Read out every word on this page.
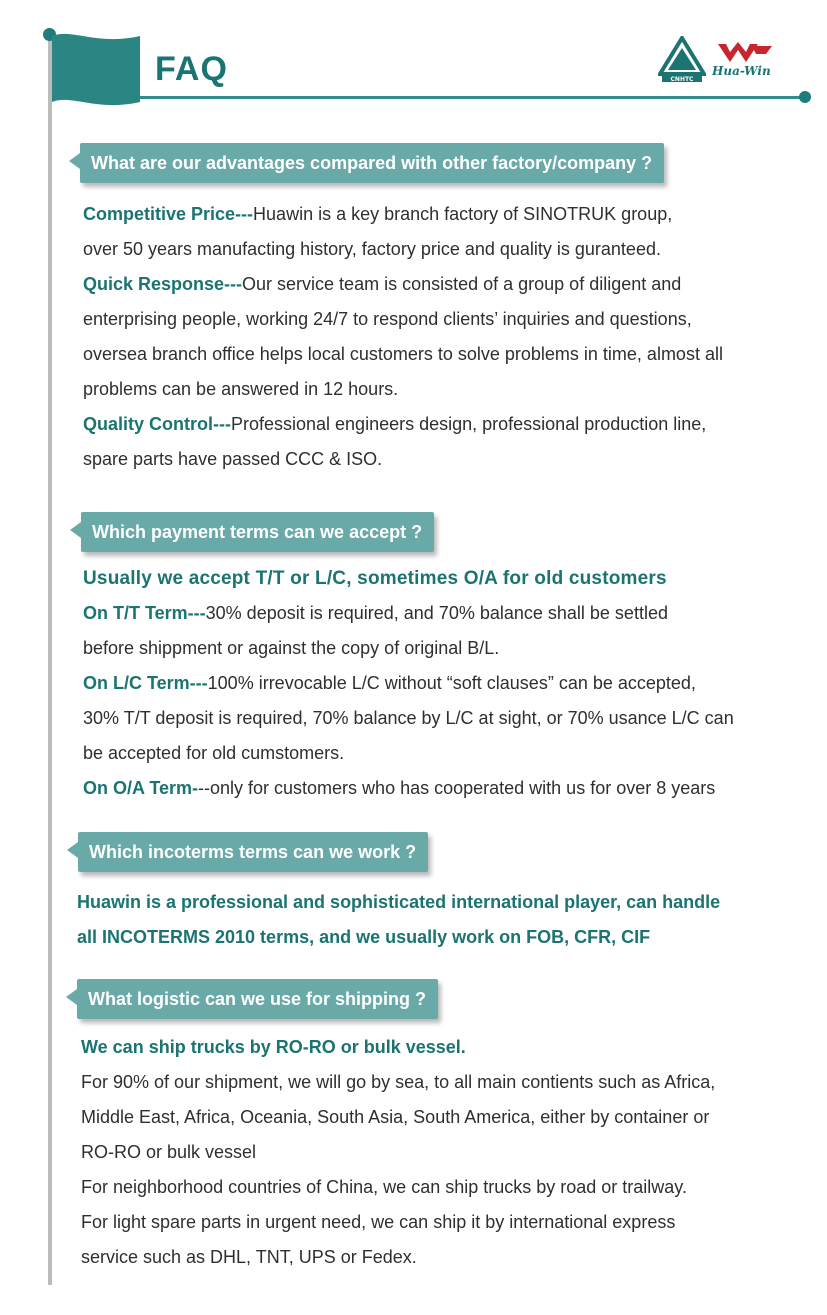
FAQ	CNHTC
Hua-Win
What are our advantages compared with other factory/company ?
Competitive Price---Huawin is a key branch factory of SINOTRUK group,
over 50 years manufacting history, factory price and quality is guranteed.
Quick Response---Our service team is consisted of a group of diligent and
enterprising people, working 24/7 to respond clients’ inquiries and questions,
oversea branch office helps local customers to solve problems in time, almost all
problems can be answered in 12 hours.
Quality Control---Professional engineers design, professional production line,
spare parts have passed CCC & ISO.
Which payment terms can we accept ?
Usually we accept T/T or L/C, sometimes O/A for old customers
On T/T Term---30% deposit is required, and 70% balance shall be settled
before shippment or against the copy of original B/L.
On L/C Term---100% irrevocable L/C without “soft clauses” can be accepted,
30% T/T deposit is required, 70% balance by L/C at sight, or 70% usance L/C can
be accepted for old cumstomers.
On O/A Term---only for customers who has cooperated with us for over 8 years
Which incoterms terms can we work ?
Huawin is a professional and sophisticated international player, can handle
all INCOTERMS 2010 terms, and we usually work on FOB, CFR, CIF
What logistic can we use for shipping ?
We can ship trucks by RO-RO or bulk vessel.
For 90% of our shipment, we will go by sea, to all main contients such as Africa,
Middle East, Africa, Oceania, South Asia, South America, either by container or
RO-RO or bulk vessel
For neighborhood countries of China, we can ship trucks by road or trailway.
For light spare parts in urgent need, we can ship it by international express
service such as DHL, TNT, UPS or Fedex.
